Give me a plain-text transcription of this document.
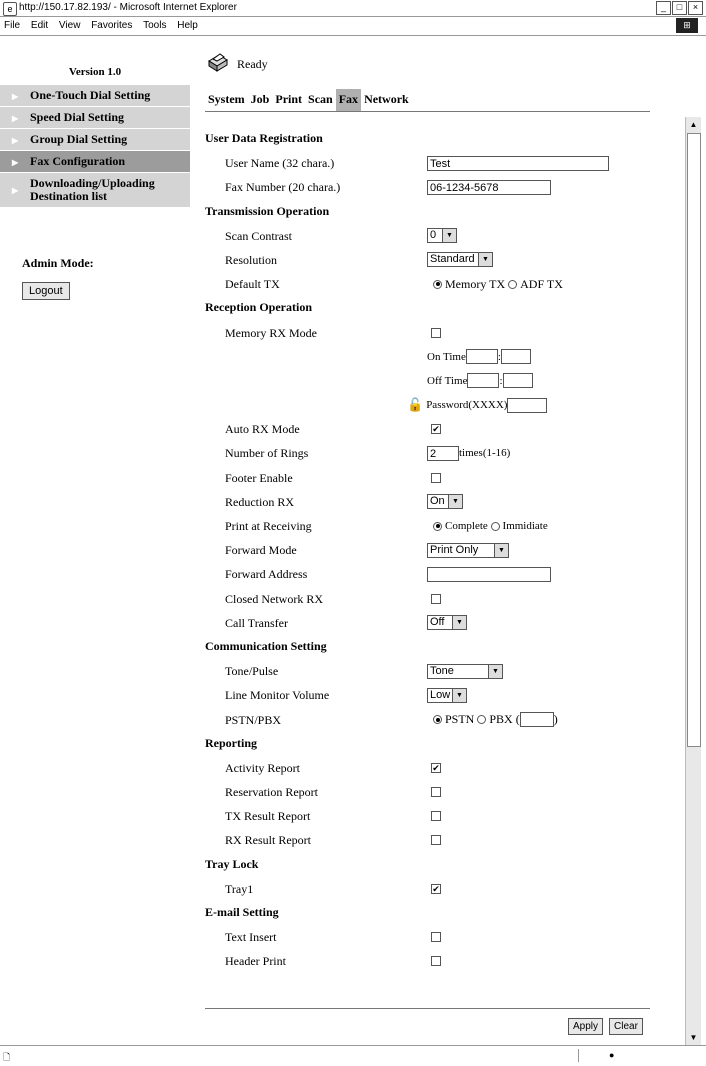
e http://150.17.82.193/ - Microsoft Internet Explorer	_	□	×
File Edit View Favorites Tools Help	⊞
Ready
Version 1.0
▶ One-Touch Dial Setting
▶ Speed Dial Setting
▶ Group Dial Setting
▶ Fax Configuration
▶
Downloading/Uploading Destination list
Admin Mode:
Logout
System Job Print Scan Fax Network
▲
▼
User Data Registration
User Name (32 chara.)	Test
Fax Number (20 chara.)	06-1234-5678
Transmission Operation
Scan Contrast	0	▼
Resolution	Standard	▼
Default TX	Memory TX
ADF TX
Reception Operation
Memory RX Mode
On Time	:
Off Time	:
🔓 Password(XXXX)
Auto RX Mode	✔
Number of Rings	2	times(1-16)
Footer Enable
Reduction RX	On	▼
Print at Receiving	Complete
Immidiate
Forward Mode	Print Only	▼
Forward Address
Closed Network RX
Call Transfer	Off	▼
Communication Setting
Tone/Pulse	Tone	▼
Line Monitor Volume	Low ▼
PSTN/PBX	PSTN
PBX (	)
Reporting
Activity Report	✔
Reservation Report
TX Result Report
RX Result Report
Tray Lock
Tray1	✔
E-mail Setting
Text Insert
Header Print
Apply	Clear
🗋	●
